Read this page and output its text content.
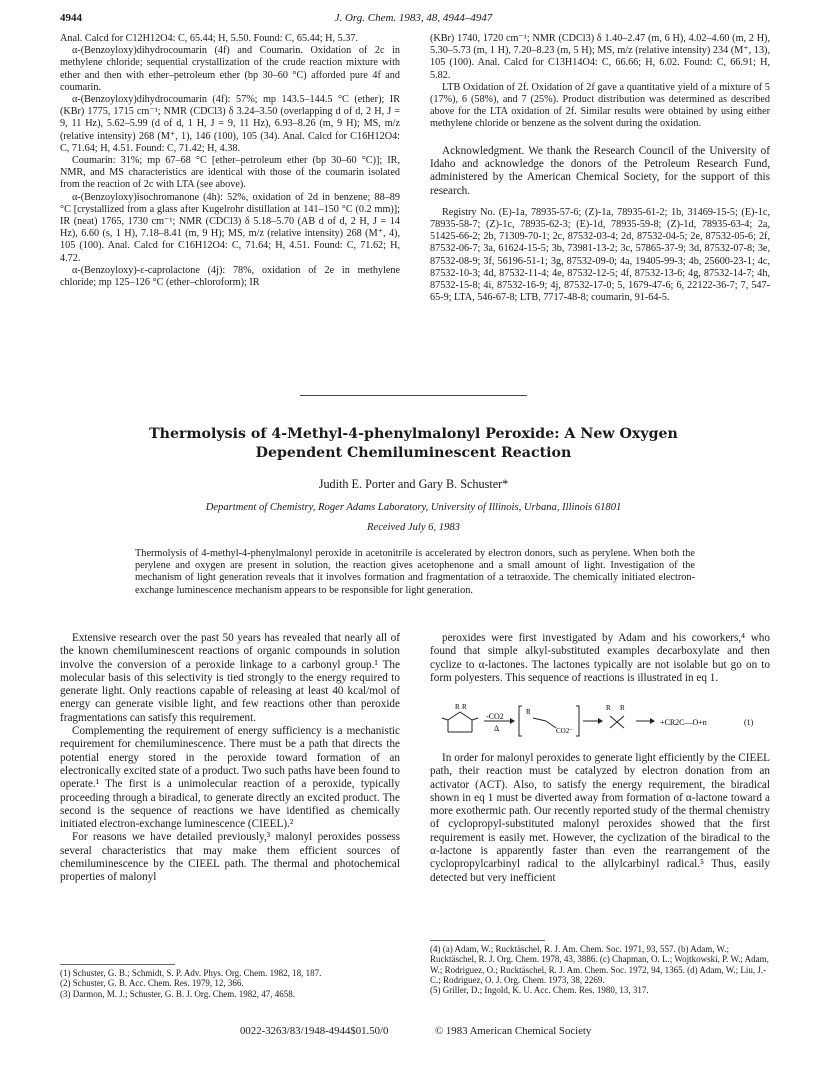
4944	J. Org. Chem. 1983, 48, 4944–4947

Anal. Calcd for C12H12O4: C, 65.44; H, 5.50. Found: C, 65.44; H, 5.37.

α-(Benzoyloxy)dihydrocoumarin (4f) and Coumarin. Oxidation of 2c in methylene chloride; sequential crystallization of the crude reaction mixture with ether and then with ether–petroleum ether (bp 30–60 °C) afforded pure 4f and coumarin.

α-(Benzoyloxy)dihydrocoumarin (4f): 57%; mp 143.5–144.5 °C (ether); IR (KBr) 1775, 1715 cm⁻¹; NMR (CDCl3) δ 3.24–3.50 (overlapping d of d, 2 H, J = 9, 11 Hz), 5.62–5.99 (d of d, 1 H, J = 9, 11 Hz), 6.93–8.26 (m, 9 H); MS, m/z (relative intensity) 268 (M⁺, 1), 146 (100), 105 (34). Anal. Calcd for C16H12O4: C, 71.64; H, 4.51. Found: C, 71.42; H, 4.38.

Coumarin: 31%; mp 67–68 °C [ether–petroleum ether (bp 30–60 °C)]; IR, NMR, and MS characteristics are identical with those of the coumarin isolated from the reaction of 2c with LTA (see above).

α-(Benzoyloxy)isochromanone (4h): 52%, oxidation of 2d in benzene; 88–89 °C [crystallized from a glass after Kugelrohr distillation at 141–150 °C (0.2 mm)]; IR (neat) 1765, 1730 cm⁻¹; NMR (CDCl3) δ 5.18–5.70 (AB d of d, 2 H, J = 14 Hz), 6.60 (s, 1 H), 7.18–8.41 (m, 9 H); MS, m/z (relative intensity) 268 (M⁺, 4), 105 (100). Anal. Calcd for C16H12O4: C, 71.64; H, 4.51. Found: C, 71.62; H, 4.72.

α-(Benzoyloxy)-ε-caprolactone (4j): 78%, oxidation of 2e in methylene chloride; mp 125–126 °C (ether–chloroform); IR

(KBr) 1740, 1720 cm⁻¹; NMR (CDCl3) δ 1.40–2.47 (m, 6 H), 4.02–4.60 (m, 2 H), 5.30–5.73 (m, 1 H), 7.20–8.23 (m, 5 H); MS, m/z (relative intensity) 234 (M⁺, 13), 105 (100). Anal. Calcd for C13H14O4: C, 66.66; H, 6.02. Found: C, 66.91; H, 5.82.

LTB Oxidation of 2f. Oxidation of 2f gave a quantitative yield of a mixture of 5 (17%), 6 (58%), and 7 (25%). Product distribution was determined as described above for the LTA oxidation of 2f. Similar results were obtained by using either methylene chloride or benzene as the solvent during the oxidation.

Acknowledgment. We thank the Research Council of the University of Idaho and acknowledge the donors of the Petroleum Research Fund, administered by the American Chemical Society, for the support of this research.

Registry No. (E)-1a, 78935-57-6; (Z)-1a, 78935-61-2; 1b, 31469-15-5; (E)-1c, 78935-58-7; (Z)-1c, 78935-62-3; (E)-1d, 78935-59-8; (Z)-1d, 78935-63-4; 2a, 51425-66-2; 2b, 71309-70-1; 2c, 87532-03-4; 2d, 87532-04-5; 2e, 87532-05-6; 2f, 87532-06-7; 3a, 61624-15-5; 3b, 73981-13-2; 3c, 57865-37-9; 3d, 87532-07-8; 3e, 87532-08-9; 3f, 56196-51-1; 3g, 87532-09-0; 4a, 19405-99-3; 4b, 25600-23-1; 4c, 87532-10-3; 4d, 87532-11-4; 4e, 87532-12-5; 4f, 87532-13-6; 4g, 87532-14-7; 4h, 87532-15-8; 4i, 87532-16-9; 4j, 87532-17-0; 5, 1679-47-6; 6, 22122-36-7; 7, 547-65-9; LTA, 546-67-8; LTB, 7717-48-8; coumarin, 91-64-5.

Thermolysis of 4-Methyl-4-phenylmalonyl Peroxide: A New Oxygen
Dependent Chemiluminescent Reaction
Judith E. Porter and Gary B. Schuster*
Department of Chemistry, Roger Adams Laboratory, University of Illinois, Urbana, Illinois 61801
Received July 6, 1983
Thermolysis of 4-methyl-4-phenylmalonyl peroxide in acetonitrile is accelerated by electron donors, such as perylene. When both the perylene and oxygen are present in solution, the reaction gives acetophenone and a small amount of light. Investigation of the mechanism of light generation reveals that it involves formation and fragmentation of a tetraoxide. The chemically initiated electron-exchange luminescence mechanism appears to be responsible for light generation.

Extensive research over the past 50 years has revealed that nearly all of the known chemiluminescent reactions of organic compounds in solution involve the conversion of a peroxide linkage to a carbonyl group.¹ The molecular basis of this selectivity is tied strongly to the energy required to generate light. Only reactions capable of releasing at least 40 kcal/mol of energy can generate visible light, and few reactions other than peroxide fragmentations can satisfy this requirement.

Complementing the requirement of energy sufficiency is a mechanistic requirement for chemiluminescence. There must be a path that directs the potential energy stored in the peroxide toward formation of an electronically excited state of a product. Two such paths have been found to operate.¹ The first is a unimolecular reaction of a peroxide, typically proceeding through a biradical, to generate directly an excited product. The second is the sequence of reactions we have identified as chemically initiated electron-exchange luminescence (CIEEL).²

For reasons we have detailed previously,³ malonyl peroxides possess several characteristics that may make them efficient sources of chemiluminescence by the CIEEL path. The thermal and photochemical properties of malonyl

peroxides were first investigated by Adam and his coworkers,⁴ who found that simple alkyl-substituted examples decarboxylate and then cyclize to α-lactones. The lactones typically are not isolable but go on to form polyesters. This sequence of reactions is illustrated in eq 1.

R R
-CO2
Δ
R
CO2⁻
R R
+CR2C—O+n	(1)

In order for malonyl peroxides to generate light efficiently by the CIEEL path, their reaction must be catalyzed by electron donation from an activator (ACT). Also, to satisfy the energy requirement, the biradical shown in eq 1 must be diverted away from formation of α-lactone toward a more exothermic path. Our recently reported study of the thermal chemistry of cyclopropyl-substituted malonyl peroxides showed that the first requirement is easily met. However, the cyclization of the biradical to the α-lactone is apparently faster than even the rearrangement of the cyclopropylcarbinyl radical to the allylcarbinyl radical.⁵ Thus, easily detected but very inefficient

(1) Schuster, G. B.; Schmidt, S. P. Adv. Phys. Org. Chem. 1982, 18, 187.

(2) Schuster, G. B. Acc. Chem. Res. 1979, 12, 366.

(3) Darmon, M. J.; Schuster, G. B. J. Org. Chem. 1982, 47, 4658.

(4) (a) Adam, W.; Rucktäschel, R. J. Am. Chem. Soc. 1971, 93, 557. (b) Adam, W.; Rucktäschel, R. J. Org. Chem. 1978, 43, 3886. (c) Chapman, O. L.; Wojtkowski, P. W.; Adam, W.; Rodriguez, O.; Rucktäschel, R. J. Am. Chem. Soc. 1972, 94, 1365. (d) Adam, W.; Liu, J.-C.; Rodriguez, O. J. Org. Chem. 1973, 38, 2269.

(5) Griller, D.; Ingold, K. U. Acc. Chem. Res. 1980, 13, 317.

0022-3263/83/1948-4944$01.50/0	© 1983 American Chemical Society
